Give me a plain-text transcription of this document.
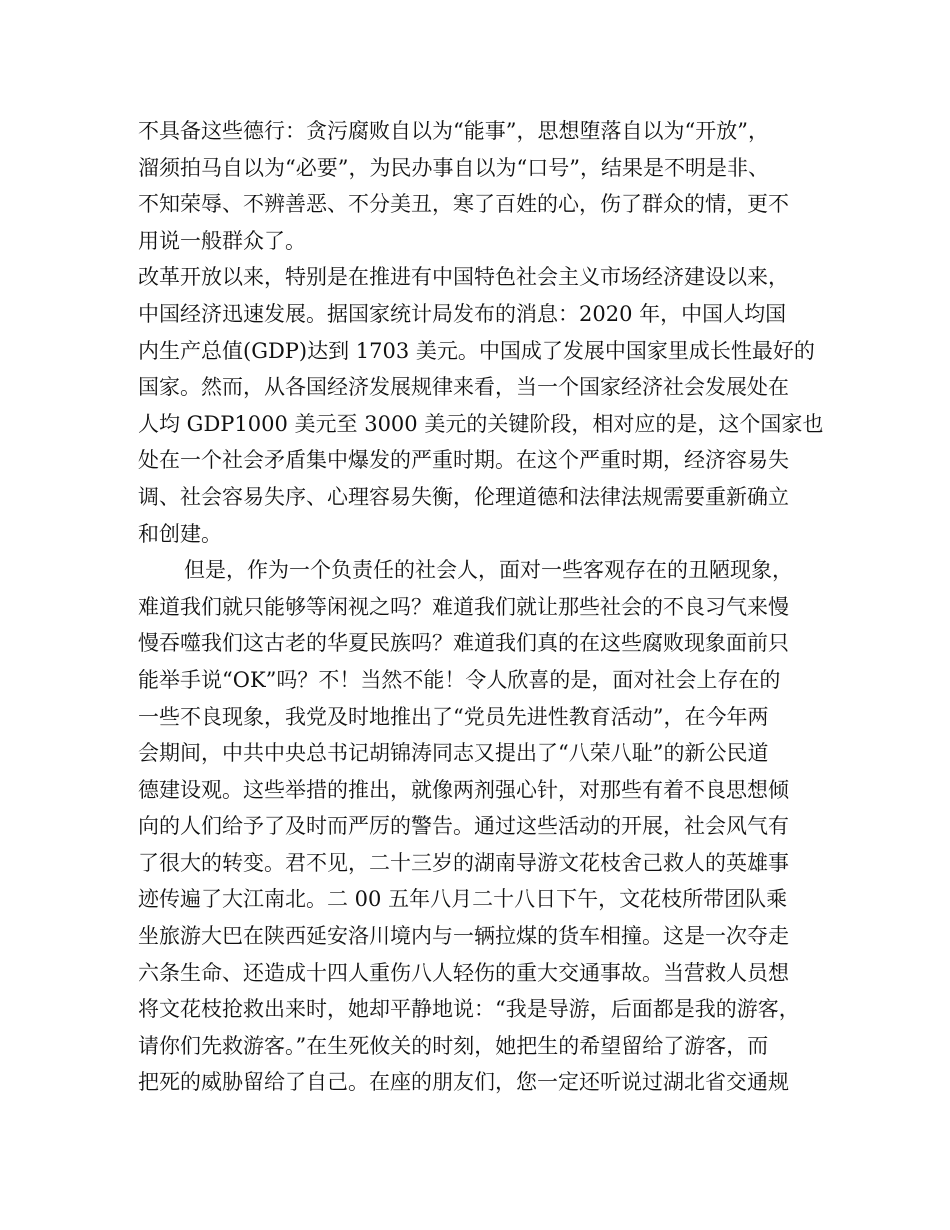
不具备这些德行：贪污腐败自以为“能事”，思想堕落自以为“开放”，
溜须拍马自以为“必要”，为民办事自以为“口号”，结果是不明是非、
不知荣辱、不辨善恶、不分美丑，寒了百姓的心，伤了群众的情，更不
用说一般群众了。
改革开放以来，特别是在推进有中国特色社会主义市场经济建设以来，
中国经济迅速发展。据国家统计局发布的消息：2020 年，中国人均国
内生产总值(GDP)达到 1703 美元。中国成了发展中国家里成长性最好的
国家。然而，从各国经济发展规律来看，当一个国家经济社会发展处在
人均 GDP1000 美元至 3000 美元的关键阶段，相对应的是，这个国家也
处在一个社会矛盾集中爆发的严重时期。在这个严重时期，经济容易失
调、社会容易失序、心理容易失衡，伦理道德和法律法规需要重新确立
和创建。
但是，作为一个负责任的社会人，面对一些客观存在的丑陋现象，
难道我们就只能够等闲视之吗？难道我们就让那些社会的不良习气来慢
慢吞噬我们这古老的华夏民族吗？难道我们真的在这些腐败现象面前只
能举手说“OK”吗？不！当然不能！令人欣喜的是，面对社会上存在的
一些不良现象，我党及时地推出了“党员先进性教育活动”，在今年两
会期间，中共中央总书记胡锦涛同志又提出了“八荣八耻”的新公民道
德建设观。这些举措的推出，就像两剂强心针，对那些有着不良思想倾
向的人们给予了及时而严厉的警告。通过这些活动的开展，社会风气有
了很大的转变。君不见，二十三岁的湖南导游文花枝舍己救人的英雄事
迹传遍了大江南北。二 00 五年八月二十八日下午，文花枝所带团队乘
坐旅游大巴在陕西延安洛川境内与一辆拉煤的货车相撞。这是一次夺走
六条生命、还造成十四人重伤八人轻伤的重大交通事故。当营救人员想
将文花枝抢救出来时，她却平静地说：“我是导游，后面都是我的游客，
请你们先救游客。”在生死攸关的时刻，她把生的希望留给了游客，而
把死的威胁留给了自己。在座的朋友们，您一定还听说过湖北省交通规
